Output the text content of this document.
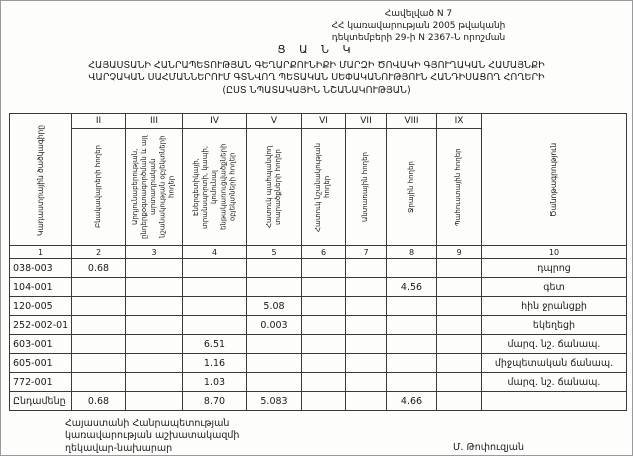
Հավելված N 7
ՀՀ կառավարության 2005 թվականի
դեկտեմբերի 29-ի N 2367-Ն որոշման
Ց Ա Ն Կ
ՀԱՅԱՍՏԱՆԻ ՀԱՆՐԱՊԵՏՈՒԹՅԱՆ ԳԵՂԱՐՔՈՒՆԻՔԻ ՄԱՐԶԻ ԾՈՎԱԿԻ ԳՅՈՒՂԱԿԱՆ ՀԱՄԱՅՆՔԻ
ՎԱՐՉԱԿԱՆ ՍԱՀՄԱՆՆԵՐՈՒՄ ԳՏՆՎՈՂ ՊԵՏԱԿԱՆ ՍԵՓԱԿԱՆՈՒԹՅՈՒՆ ՀԱՆԴԻՍԱՑՈՂ ՀՈՂԵՐԻ
(ԸՍՏ ՆՊԱՏԱԿԱՅԻՆ ՆՇԱՆԱԿՈՒԹՅԱՆ)
Կադաստրային ծածկագիրը	II	III	IV	V	VI	VII	VIII	IX	Ծանոթագրություն

	Բնակավայրերի հողեր	Արդյունաբերության, ընդերքօգտագործման և այլ արտադրական նշանակության օբյեկտների հողեր	Էներգետիկայի, տրանսպորտի, կապի, կոմունալ ենթակառուցվածքների օբյեկտների հողեր	Հատուկ պահպանվող տարածքների հողեր	Հատուկ նշանակության հողեր	Անտառային հողեր	Ջրային հողեր	Պահուստային հողեր	

1	2	3	4	5	6	7	8	9	10
038-003	0.68								դպրոց
104-001							4.56		գետ
120-005				5.08					հին ջրանցքի
252-002-01				0.003					եկեղեցի
603-001			6.51						մարզ. նշ. ճանապ.
605-001			1.16						միջպետական ճանապ.
772-001			1.03						մարզ. նշ. ճանապ.
Ընդամենը	0.68		8.70	5.083			4.66		
Հայաստանի Հանրապետության
կառավարության աշխատակազմի
ղեկավար-նախարար	Մ. Թոփուզյան
